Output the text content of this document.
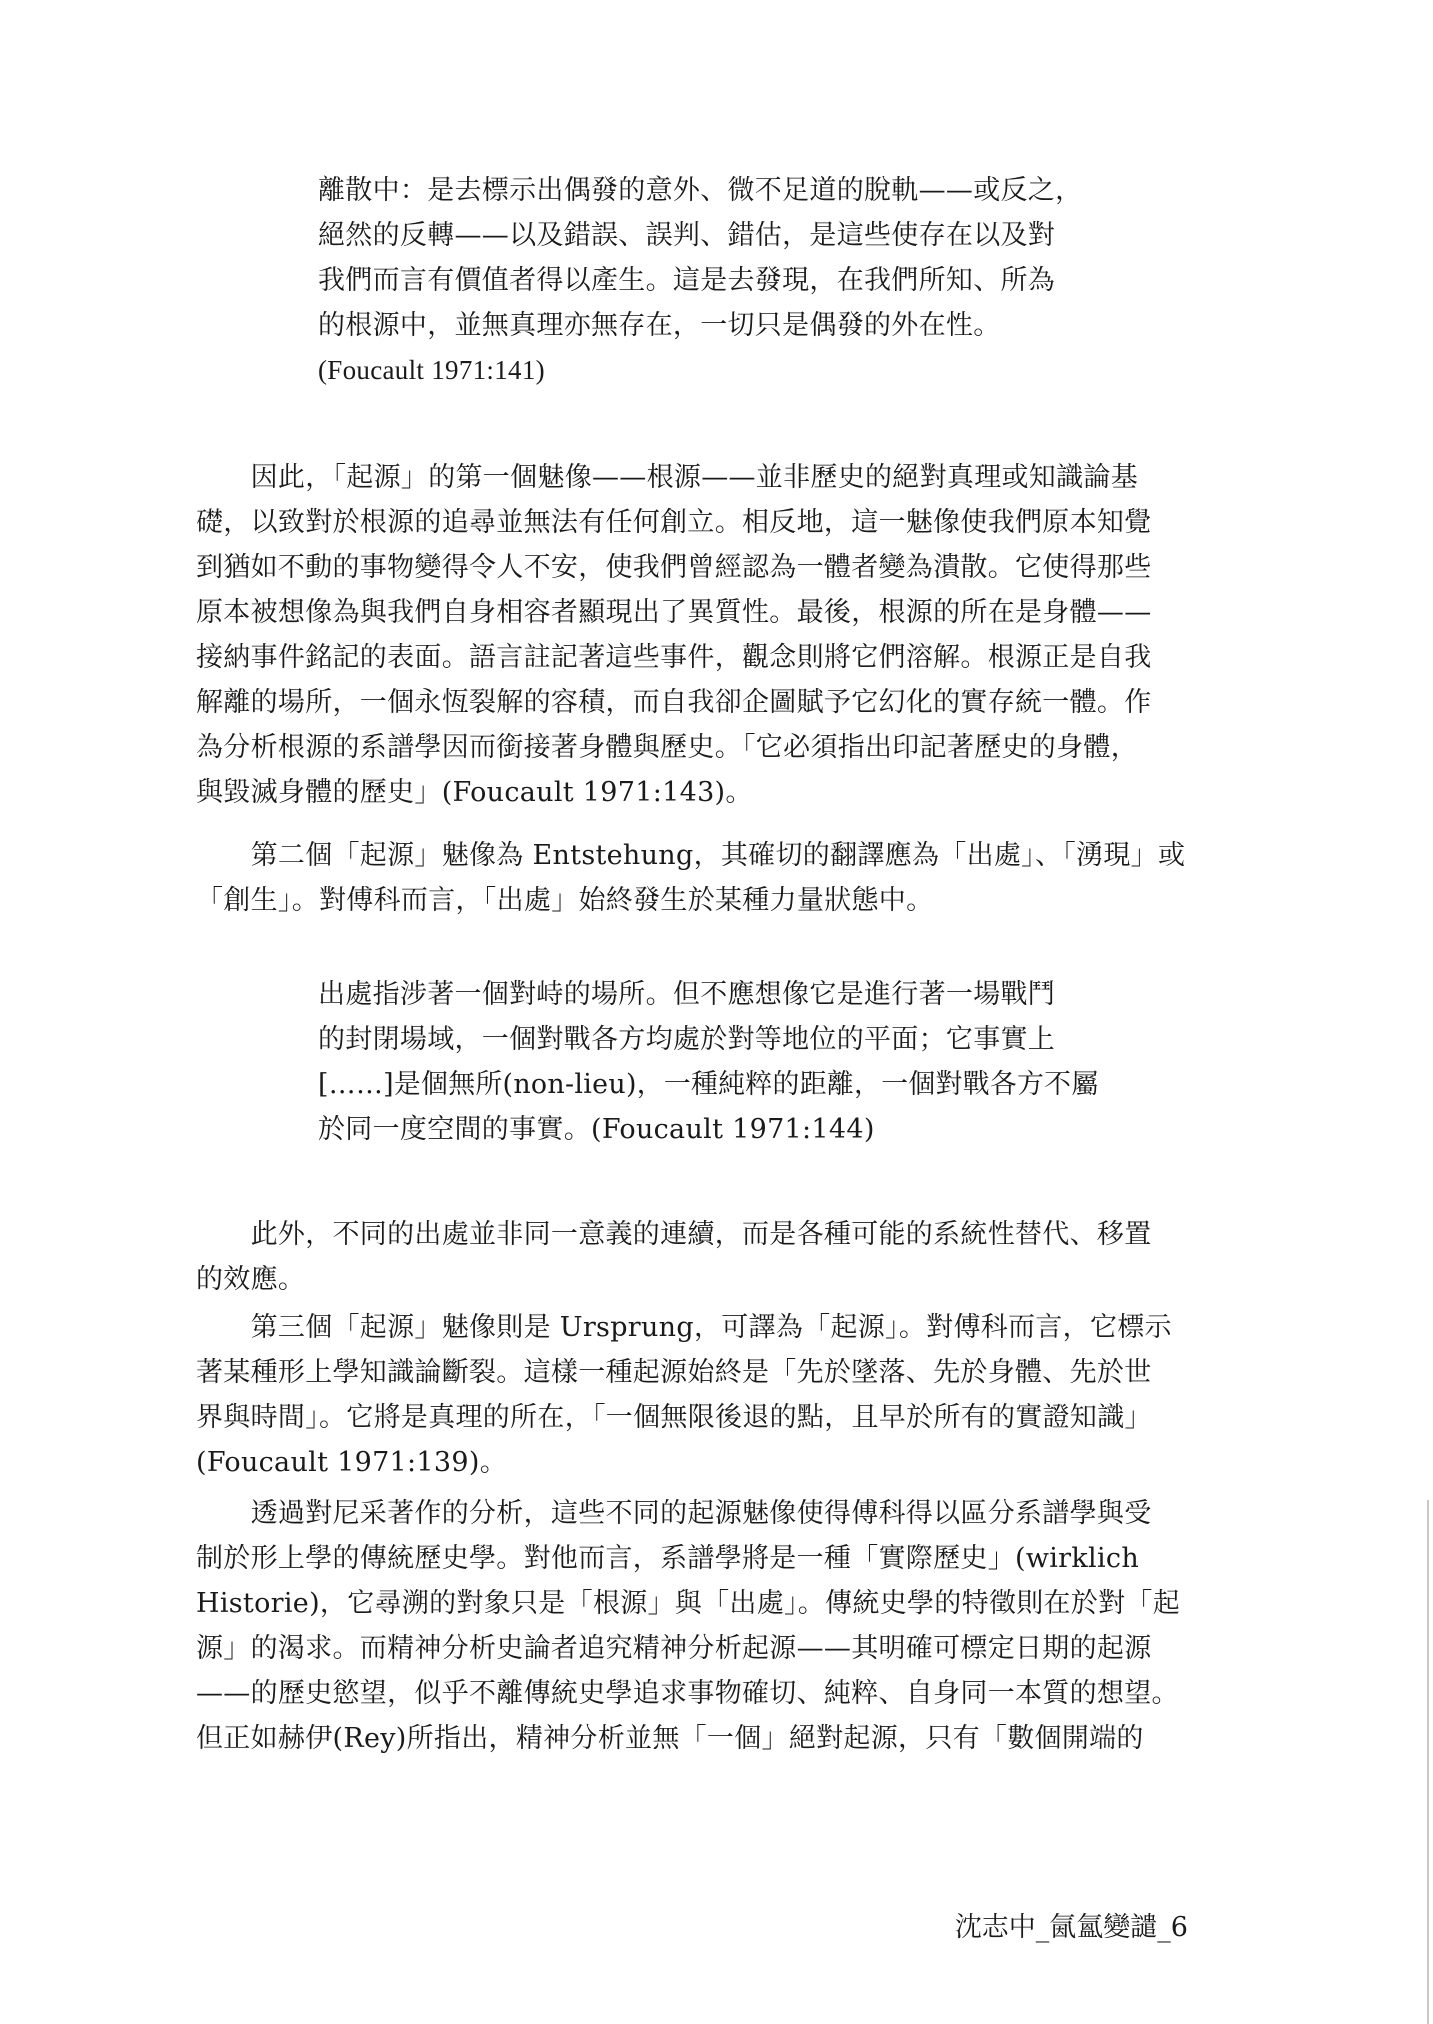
離散中：是去標示出偶發的意外、微不足道的脫軌——或反之，
絕然的反轉——以及錯誤、誤判、錯估，是這些使存在以及對
我們而言有價值者得以產生。這是去發現，在我們所知、所為
的根源中，並無真理亦無存在，一切只是偶發的外在性。
(Foucault 1971:141)
　　因此，「起源」的第一個魅像——根源——並非歷史的絕對真理或知識論基
礎，以致對於根源的追尋並無法有任何創立。相反地，這一魅像使我們原本知覺
到猶如不動的事物變得令人不安，使我們曾經認為一體者變為潰散。它使得那些
原本被想像為與我們自身相容者顯現出了異質性。最後，根源的所在是身體——
接納事件銘記的表面。語言註記著這些事件，觀念則將它們溶解。根源正是自我
解離的場所，一個永恆裂解的容積，而自我卻企圖賦予它幻化的實存統一體。作
為分析根源的系譜學因而銜接著身體與歷史。「它必須指出印記著歷史的身體，
與毀滅身體的歷史」(Foucault 1971:143)。
　　第二個「起源」魅像為 Entstehung，其確切的翻譯應為「出處」、「湧現」或
「創生」。對傅科而言，「出處」始終發生於某種力量狀態中。
出處指涉著一個對峙的場所。但不應想像它是進行著一場戰鬥
的封閉場域，一個對戰各方均處於對等地位的平面；它事實上
[……]是個無所(non-lieu)，一種純粹的距離，一個對戰各方不屬
於同一度空間的事實。(Foucault 1971:144)
　　此外，不同的出處並非同一意義的連續，而是各種可能的系統性替代、移置
的效應。
　　第三個「起源」魅像則是 Ursprung，可譯為「起源」。對傅科而言，它標示
著某種形上學知識論斷裂。這樣一種起源始終是「先於墜落、先於身體、先於世
界與時間」。它將是真理的所在，「一個無限後退的點，且早於所有的實證知識」
(Foucault 1971:139)。
　　透過對尼采著作的分析，這些不同的起源魅像使得傅科得以區分系譜學與受
制於形上學的傳統歷史學。對他而言，系譜學將是一種「實際歷史」(wirklich
Historie)，它尋溯的對象只是「根源」與「出處」。傳統史學的特徵則在於對「起
源」的渴求。而精神分析史論者追究精神分析起源——其明確可標定日期的起源
——的歷史慾望，似乎不離傳統史學追求事物確切、純粹、自身同一本質的想望。
但正如赫伊(Rey)所指出，精神分析並無「一個」絕對起源，只有「數個開端的
沈志中_氤氳變譴_6
